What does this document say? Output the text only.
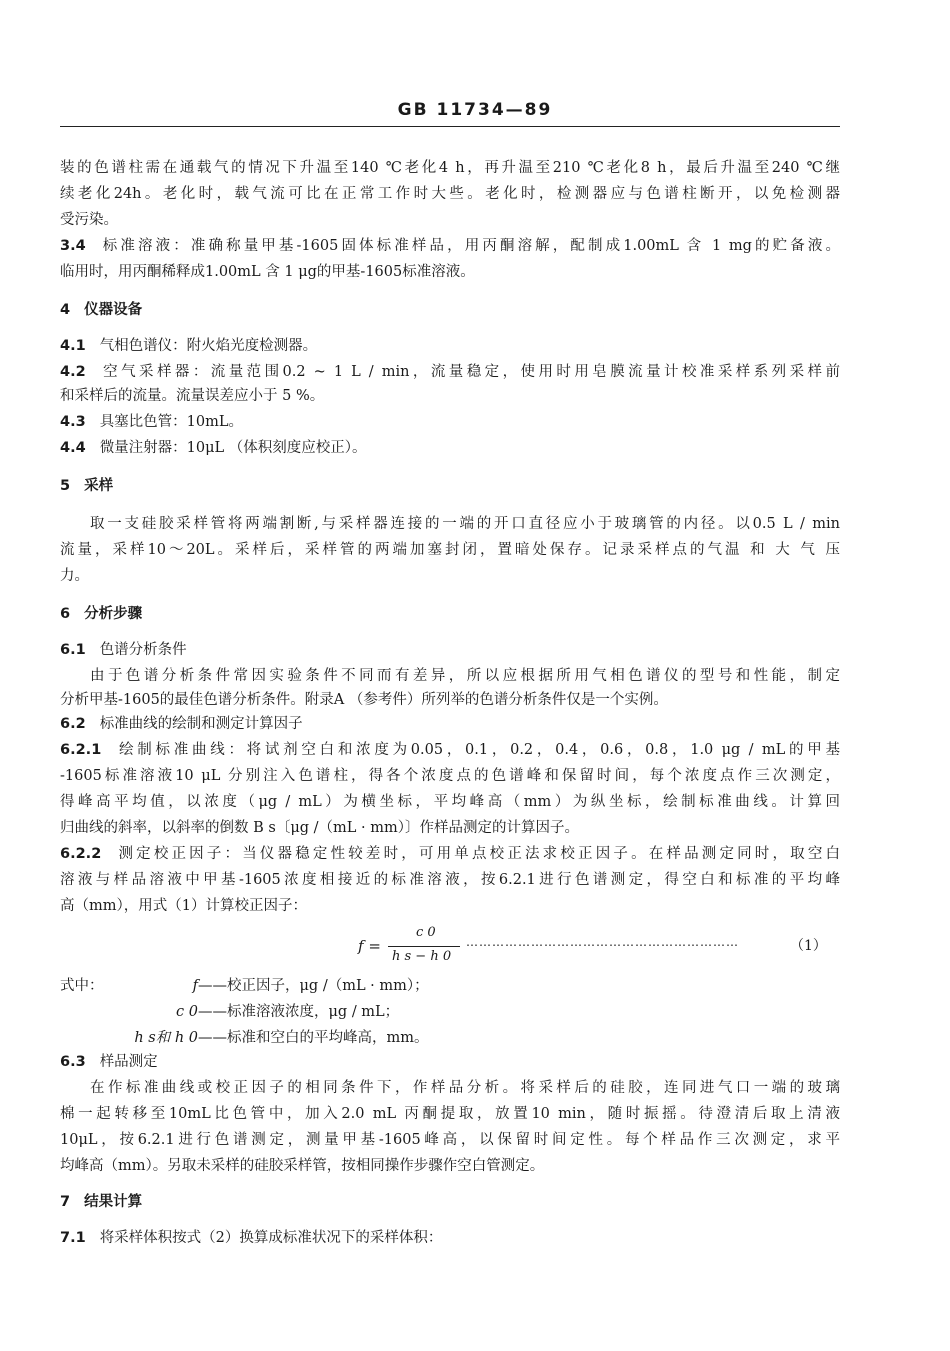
GB 11734—89
装的色谱柱需在通载气的情况下升温至140 ℃老化4 h，再升温至210 ℃老化8 h，最后升温至240 ℃继
续老化24h。老化时，载气流可比在正常工作时大些。老化时，检测器应与色谱柱断开，以免检测器
受污染。
3.4 标准溶液：准确称量甲基-1605固体标准样品，用丙酮溶解，配制成1.00mL 含 1 mg的贮备液。
临用时，用丙酮稀释成1.00mL 含 1 μg的甲基-1605标准溶液。
4 仪器设备
4.1 气相色谱仪：附火焰光度检测器。
4.2 空气采样器：流量范围0.2 ~ 1 L / min，流量稳定，使用时用皂膜流量计校准采样系列采样前
和采样后的流量。流量误差应小于 5 %。
4.3 具塞比色管：10mL。
4.4 微量注射器：10μL （体积刻度应校正）。
5 采样
取一支硅胶采样管将两端割断,与采样器连接的一端的开口直径应小于玻璃管的内径。以0.5 L / min
流量，采样10～20L。采样后，采样管的两端加塞封闭，置暗处保存。记录采样点的气温 和 大 气 压
力。
6 分析步骤
6.1 色谱分析条件
由于色谱分析条件常因实验条件不同而有差异，所以应根据所用气相色谱仪的型号和性能，制定
分析甲基-1605的最佳色谱分析条件。附录A （参考件）所列举的色谱分析条件仅是一个实例。
6.2 标准曲线的绘制和测定计算因子
6.2.1 绘制标准曲线：将试剂空白和浓度为0.05，0.1，0.2，0.4，0.6，0.8，1.0 μg / mL的甲基
-1605标准溶液10 μL 分别注入色谱柱，得各个浓度点的色谱峰和保留时间，每个浓度点作三次测定，
得峰高平均值，以浓度（μg / mL）为横坐标，平均峰高（mm）为纵坐标，绘制标准曲线。计算回
归曲线的斜率，以斜率的倒数 B s〔μg /（mL · mm）〕作样品测定的计算因子。
6.2.2 测定校正因子：当仪器稳定性较差时，可用单点校正法求校正因子。在样品测定同时，取空白
溶液与样品溶液中甲基-1605浓度相接近的标准溶液，按6.2.1进行色谱测定，得空白和标准的平均峰
高（mm），用式（1）计算校正因子：
f =
c 0
h s − h 0
………………………………………………………	（1）
式中：	f——校正因子，μg /（mL · mm）；
c 0——标准溶液浓度，μg / mL；
h s和 h 0——标准和空白的平均峰高，mm。
6.3 样品测定
在作标准曲线或校正因子的相同条件下，作样品分析。将采样后的硅胶，连同进气口一端的玻璃
棉一起转移至10mL比色管中，加入2.0 mL 丙酮提取，放置10 min，随时振摇。待澄清后取上清液
10μL，按6.2.1进行色谱测定，测量甲基-1605峰高，以保留时间定性。每个样品作三次测定，求平
均峰高（mm）。另取未采样的硅胶采样管，按相同操作步骤作空白管测定。
7 结果计算
7.1 将采样体积按式（2）换算成标准状况下的采样体积：
